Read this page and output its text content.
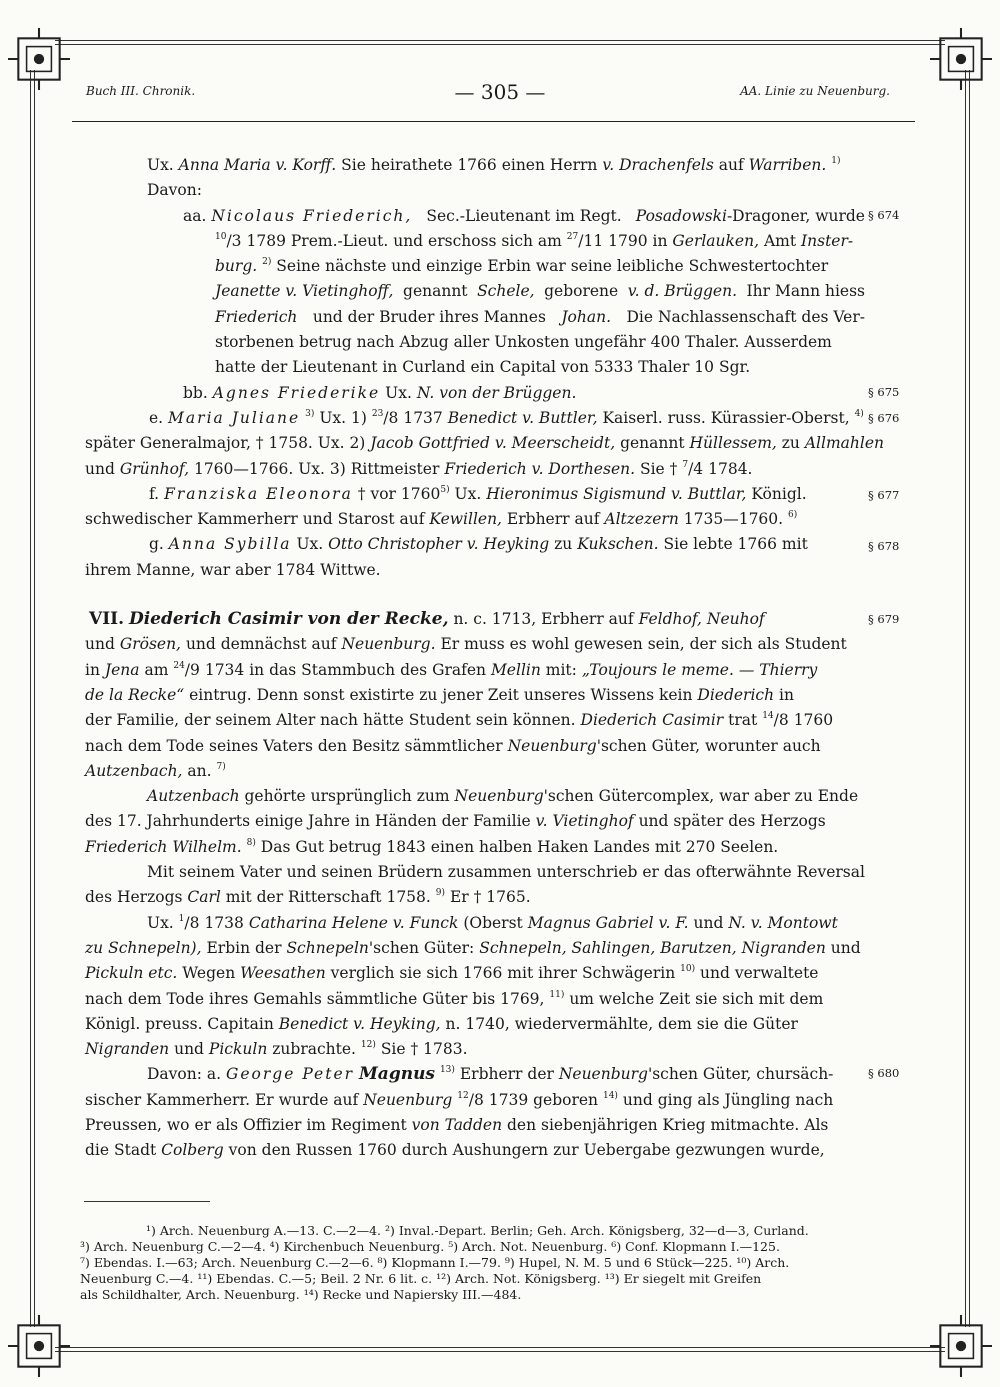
Buch III. Chronik.	— 305 —	AA. Linie zu Neuenburg.
§ 674
§ 675
§ 676
§ 677
§ 678
§ 679
§ 680
Ux. Anna Maria v. Korff. Sie heirathete 1766 einen Herrn v. Drachenfels auf Warriben. $^{1)}$
Davon:
aa. Nicolaus Friederich, Sec.-Lieutenant im Regt. Posadowski-Dragoner, wurde
$^{10}$/3 1789 Prem.-Lieut. und erschoss sich am $^{27}$/11 1790 in Gerlauken, Amt Inster-
burg. $^{2)}$ Seine nächste und einzige Erbin war seine leibliche Schwestertochter
Jeanette v. Vietinghoff, genannt Schele, geborene v. d. Brüggen. Ihr Mann hiess
Friederich und der Bruder ihres Mannes Johan. Die Nachlassenschaft des Ver-
storbenen betrug nach Abzug aller Unkosten ungefähr 400 Thaler. Ausserdem
hatte der Lieutenant in Curland ein Capital von 5333 Thaler 10 Sgr.
bb. Agnes Friederike Ux. N. von der Brüggen.
e. Maria Juliane $^{3)}$ Ux. 1) $^{23}$/8 1737 Benedict v. Buttler, Kaiserl. russ. Kürassier-Oberst, $^{4)}$
später Generalmajor, † 1758. Ux. 2) Jacob Gottfried v. Meerscheidt, genannt Hüllessem, zu Allmahlen
und Grünhof, 1760—1766. Ux. 3) Rittmeister Friederich v. Dorthesen. Sie † $^7$/4 1784.
f. Franziska Eleonora † vor 1760$^{5)}$ Ux. Hieronimus Sigismund v. Buttlar, Königl.
schwedischer Kammerherr und Starost auf Kewillen, Erbherr auf Altzezern 1735—1760. $^{6)}$
g. Anna Sybilla Ux. Otto Christopher v. Heyking zu Kukschen. Sie lebte 1766 mit
ihrem Manne, war aber 1784 Wittwe.
VII. Diederich Casimir von der Recke, n. c. 1713, Erbherr auf Feldhof, Neuhof
und Grösen, und demnächst auf Neuenburg. Er muss es wohl gewesen sein, der sich als Student
in Jena am $^{24}$/9 1734 in das Stammbuch des Grafen Mellin mit: „Toujours le meme. — Thierry
de la Recke“ eintrug. Denn sonst existirte zu jener Zeit unseres Wissens kein Diederich in
der Familie, der seinem Alter nach hätte Student sein können. Diederich Casimir trat $^{14}$/8 1760
nach dem Tode seines Vaters den Besitz sämmtlicher Neuenburg'schen Güter, worunter auch
Autzenbach, an. $^{7)}$
Autzenbach gehörte ursprünglich zum Neuenburg'schen Gütercomplex, war aber zu Ende
des 17. Jahrhunderts einige Jahre in Händen der Familie v. Vietinghof und später des Herzogs
Friederich Wilhelm. $^{8)}$ Das Gut betrug 1843 einen halben Haken Landes mit 270 Seelen.
Mit seinem Vater und seinen Brüdern zusammen unterschrieb er das ofterwähnte Reversal
des Herzogs Carl mit der Ritterschaft 1758. $^{9)}$ Er † 1765.
Ux. $^1$/8 1738 Catharina Helene v. Funck (Oberst Magnus Gabriel v. F. und N. v. Montowt
zu Schnepeln), Erbin der Schnepeln'schen Güter: Schnepeln, Sahlingen, Barutzen, Nigranden und
Pickuln etc. Wegen Weesathen verglich sie sich 1766 mit ihrer Schwägerin $^{10)}$ und verwaltete
nach dem Tode ihres Gemahls sämmtliche Güter bis 1769, $^{11)}$ um welche Zeit sie sich mit dem
Königl. preuss. Capitain Benedict v. Heyking, n. 1740, wiedervermählte, dem sie die Güter
Nigranden und Pickuln zubrachte. $^{12)}$ Sie † 1783.
Davon: a. George Peter Magnus $^{13)}$ Erbherr der Neuenburg'schen Güter, chursäch-
sischer Kammerherr. Er wurde auf Neuenburg $^{12}$/8 1739 geboren $^{14)}$ und ging als Jüngling nach
Preussen, wo er als Offizier im Regiment von Tadden den siebenjährigen Krieg mitmachte. Als
die Stadt Colberg von den Russen 1760 durch Aushungern zur Uebergabe gezwungen wurde,
¹) Arch. Neuenburg A.—13. C.—2—4. ²) Inval.-Depart. Berlin; Geh. Arch. Königsberg, 32—d—3, Curland.
³) Arch. Neuenburg C.—2—4. ⁴) Kirchenbuch Neuenburg. ⁵) Arch. Not. Neuenburg. ⁶) Conf. Klopmann I.—125.
⁷) Ebendas. I.—63; Arch. Neuenburg C.—2—6. ⁸) Klopmann I.—79. ⁹) Hupel, N. M. 5 und 6 Stück—225. ¹⁰) Arch.
Neuenburg C.—4. ¹¹) Ebendas. C.—5; Beil. 2 Nr. 6 lit. c. ¹²) Arch. Not. Königsberg. ¹³) Er siegelt mit Greifen
als Schildhalter, Arch. Neuenburg. ¹⁴) Recke und Napiersky III.—484.
